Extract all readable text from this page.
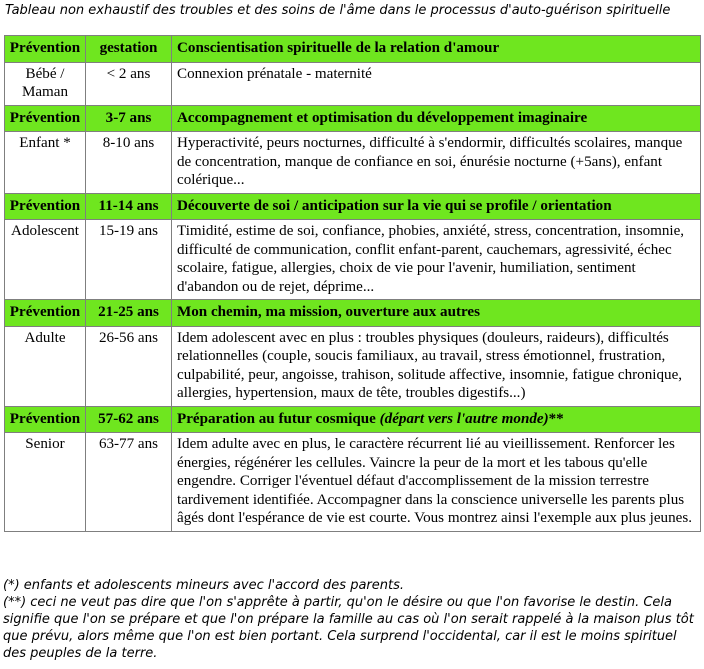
Tableau non exhaustif des troubles et des soins de l'âme dans le processus d'auto-guérison spirituelle
Prévention	gestation	Conscientisation spirituelle de la relation d'amour
Bébé / Maman	< 2 ans	Connexion prénatale - maternité
Prévention	3-7 ans	Accompagnement et optimisation du développement imaginaire
Enfant *	8-10 ans	Hyperactivité, peurs nocturnes, difficulté à s'endormir, difficultés scolaires, manque de concentration, manque de confiance en soi, énurésie nocturne (+5ans), enfant colérique...
Prévention	11-14 ans	Découverte de soi / anticipation sur la vie qui se profile / orientation
Adolescent	15-19 ans	Timidité, estime de soi, confiance, phobies, anxiété, stress, concentration, insomnie, difficulté de communication, conflit enfant-parent, cauchemars, agressivité, échec scolaire, fatigue, allergies, choix de vie pour l'avenir, humiliation, sentiment d'abandon ou de rejet, déprime...
Prévention	21-25 ans	Mon chemin, ma mission, ouverture aux autres
Adulte	26-56 ans	Idem adolescent avec en plus : troubles physiques (douleurs, raideurs), difficultés relationnelles (couple, soucis familiaux, au travail, stress émotionnel, frustration, culpabilité, peur, angoisse, trahison, solitude affective, insomnie, fatigue chronique, allergies, hypertension, maux de tête, troubles digestifs...)
Prévention	57-62 ans	Préparation au futur cosmique (départ vers l'autre monde)**
Senior	63-77 ans	Idem adulte avec en plus, le caractère récurrent lié au vieillissement. Renforcer les énergies, régénérer les cellules. Vaincre la peur de la mort et les tabous qu'elle engendre. Corriger l'éventuel défaut d'accomplissement de la mission terrestre tardivement identifiée. Accompagner dans la conscience universelle les parents plus âgés dont l'espérance de vie est courte. Vous montrez ainsi l'exemple aux plus jeunes.

(*) enfants et adolescents mineurs avec l'accord des parents.

(**) ceci ne veut pas dire que l'on s'apprête à partir, qu'on le désire ou que l'on favorise le destin. Cela signifie que l'on se prépare et que l'on prépare la famille au cas où l'on serait rappelé à la maison plus tôt que prévu, alors même que l'on est bien portant. Cela surprend l'occidental, car il est le moins spirituel des peuples de la terre.
